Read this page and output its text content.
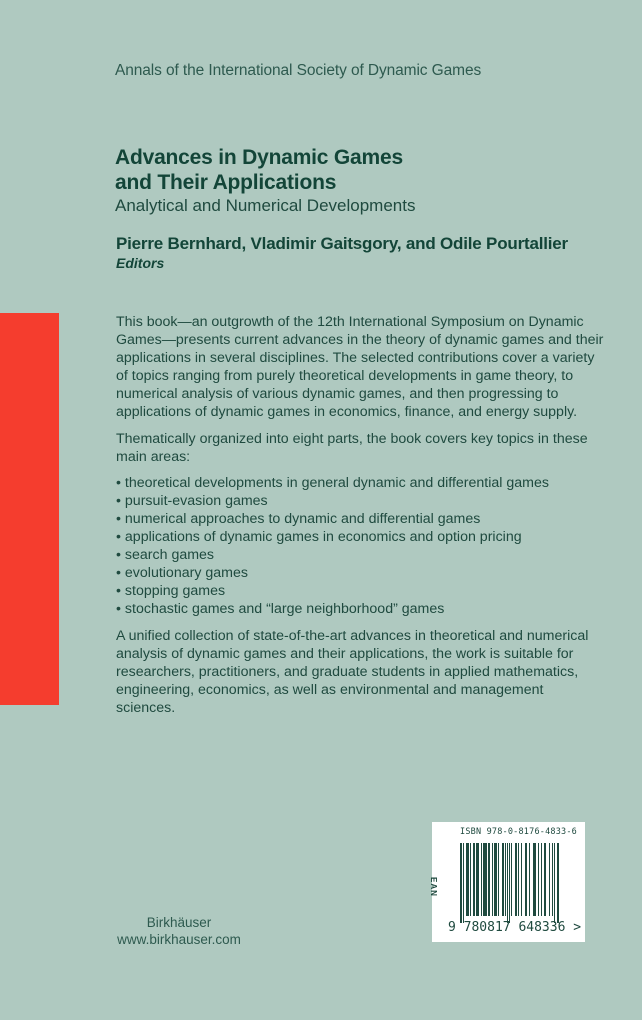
Annals of the International Society of Dynamic Games
Advances in Dynamic Games
and Their Applications
Analytical and Numerical Developments
Pierre Bernhard, Vladimir Gaitsgory, and Odile Pourtallier
Editors

This book—an outgrowth of the 12th International Symposium on Dynamic Games—presents current advances in the theory of dynamic games and their applications in several disciplines. The selected contributions cover a variety of topics ranging from purely theoretical developments in game theory, to numerical analysis of various dynamic games, and then progressing to applications of dynamic games in economics, finance, and energy supply.

Thematically organized into eight parts, the book covers key topics in these main areas:

• theoretical developments in general dynamic and differential games
• pursuit-evasion games
• numerical approaches to dynamic and differential games
• applications of dynamic games in economics and option pricing
• search games
• evolutionary games
• stopping games
• stochastic games and “large neighborhood” games

A unified collection of state-of-the-art advances in theoretical and numerical analysis of dynamic games and their applications, the work is suitable for researchers, practitioners, and graduate students in applied mathematics, engineering, economics, as well as environmental and management sciences.

ISBN 978-0-8176-4833-6
EAN
9 780817 648336 >
Birkhäuser
www.birkhauser.com
